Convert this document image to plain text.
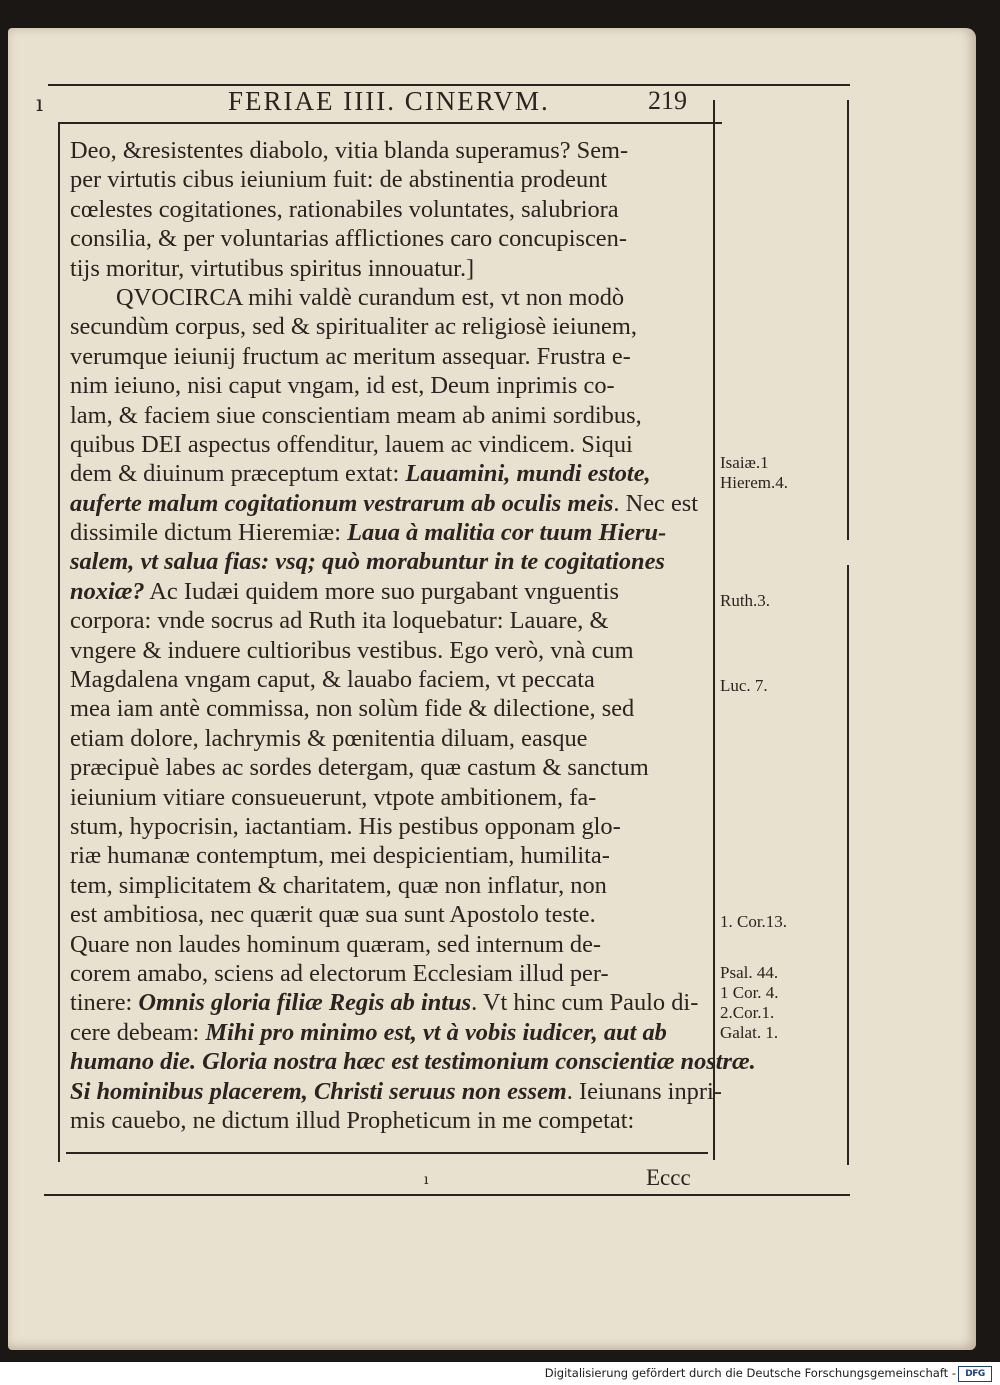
ı	FERIAE IIII. CINERVM.	219
Deo, &resistentes diabolo, vitia blanda superamus? Sem-
per virtutis cibus ieiunium fuit: de abstinentia prodeunt
cœlestes cogitationes, rationabiles voluntates, salubriora
consilia, & per voluntarias afflictiones caro concupiscen-
tijs moritur, virtutibus spiritus innouatur.]
QVOCIRCA mihi valdè curandum est, vt non modò
secundùm corpus, sed & spiritualiter ac religiosè ieiunem,
verumque ieiunij fructum ac meritum assequar. Frustra e-
nim ieiuno, nisi caput vngam, id est, Deum inprimis co-
lam, & faciem siue conscientiam meam ab animi sordibus,
quibus DEI aspectus offenditur, lauem ac vindicem. Siqui
dem & diuinum præceptum extat: Lauamini, mundi estote,
auferte malum cogitationum vestrarum ab oculis meis. Nec est
dissimile dictum Hieremiæ: Laua à malitia cor tuum Hieru-
salem, vt salua fias: vsq; quò morabuntur in te cogitationes
noxiæ? Ac Iudæi quidem more suo purgabant vnguentis
corpora: vnde socrus ad Ruth ita loquebatur: Lauare, &
vngere & induere cultioribus vestibus. Ego verò, vnà cum
Magdalena vngam caput, & lauabo faciem, vt peccata
mea iam antè commissa, non solùm fide & dilectione, sed
etiam dolore, lachrymis & pœnitentia diluam, easque
præcipuè labes ac sordes detergam, quæ castum & sanctum
ieiunium vitiare consueuerunt, vtpote ambitionem, fa-
stum, hypocrisin, iactantiam. His pestibus opponam glo-
riæ humanæ contemptum, mei despicientiam, humilita-
tem, simplicitatem & charitatem, quæ non inflatur, non
est ambitiosa, nec quærit quæ sua sunt Apostolo teste.
Quare non laudes hominum quæram, sed internum de-
corem amabo, sciens ad electorum Ecclesiam illud per-
tinere: Omnis gloria filiæ Regis ab intus. Vt hinc cum Paulo di-
cere debeam: Mihi pro minimo est, vt à vobis iudicer, aut ab
humano die. Gloria nostra hæc est testimonium conscientiæ nostræ.
Si hominibus placerem, Christi seruus non essem. Ieiunans inpri-
mis cauebo, ne dictum illud Propheticum in me competat:
Isaiæ.1
Hierem.4.
Ruth.3.
Luc. 7.
1. Cor.13.
Psal. 44.
1 Cor. 4.
2.Cor.1.
Galat. 1.
ı	Eccc
Digitalisierung gefördert durch die Deutsche Forschungsgemeinschaft -	DFG
